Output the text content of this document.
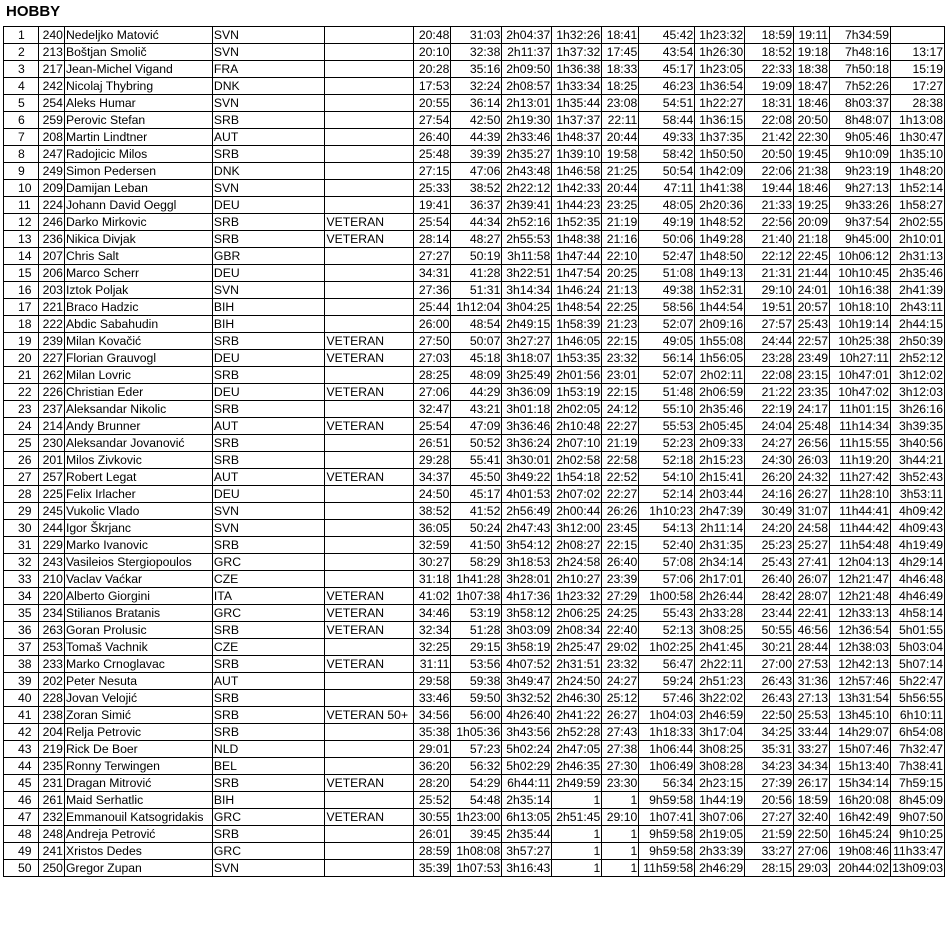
HOBBY
1	240	Nedeljko Matović	SVN		20:48	31:03	2h04:37	1h32:26	18:41	45:42	1h23:32	18:59	19:11	7h34:59	
2	213	Boštjan Smolič	SVN		20:10	32:38	2h11:37	1h37:32	17:45	43:54	1h26:30	18:52	19:18	7h48:16	13:17
3	217	Jean-Michel Vigand	FRA		20:28	35:16	2h09:50	1h36:38	18:33	45:17	1h23:05	22:33	18:38	7h50:18	15:19
4	242	Nicolaj Thybring	DNK		17:53	32:24	2h08:57	1h33:34	18:25	46:23	1h36:54	19:09	18:47	7h52:26	17:27
5	254	Aleks Humar	SVN		20:55	36:14	2h13:01	1h35:44	23:08	54:51	1h22:27	18:31	18:46	8h03:37	28:38
6	259	Perovic Stefan	SRB		27:54	42:50	2h19:30	1h37:37	22:11	58:44	1h36:15	22:08	20:50	8h48:07	1h13:08
7	208	Martin Lindtner	AUT		26:40	44:39	2h33:46	1h48:37	20:44	49:33	1h37:35	21:42	22:30	9h05:46	1h30:47
8	247	Radojicic Milos	SRB		25:48	39:39	2h35:27	1h39:10	19:58	58:42	1h50:50	20:50	19:45	9h10:09	1h35:10
9	249	Simon Pedersen	DNK		27:15	47:06	2h43:48	1h46:58	21:25	50:54	1h42:09	22:06	21:38	9h23:19	1h48:20
10	209	Damijan Leban	SVN		25:33	38:52	2h22:12	1h42:33	20:44	47:11	1h41:38	19:44	18:46	9h27:13	1h52:14
11	224	Johann David Oeggl	DEU		19:41	36:37	2h39:41	1h44:23	23:25	48:05	2h20:36	21:33	19:25	9h33:26	1h58:27
12	246	Darko Mirkovic	SRB	VETERAN	25:54	44:34	2h52:16	1h52:35	21:19	49:19	1h48:52	22:56	20:09	9h37:54	2h02:55
13	236	Nikica Divjak	SRB	VETERAN	28:14	48:27	2h55:53	1h48:38	21:16	50:06	1h49:28	21:40	21:18	9h45:00	2h10:01
14	207	Chris Salt	GBR		27:27	50:19	3h11:58	1h47:44	22:10	52:47	1h48:50	22:12	22:45	10h06:12	2h31:13
15	206	Marco Scherr	DEU		34:31	41:28	3h22:51	1h47:54	20:25	51:08	1h49:13	21:31	21:44	10h10:45	2h35:46
16	203	Iztok Poljak	SVN		27:36	51:31	3h14:34	1h46:24	21:13	49:38	1h52:31	29:10	24:01	10h16:38	2h41:39
17	221	Braco Hadzic	BIH		25:44	1h12:04	3h04:25	1h48:54	22:25	58:56	1h44:54	19:51	20:57	10h18:10	2h43:11
18	222	Abdic Sabahudin	BIH		26:00	48:54	2h49:15	1h58:39	21:23	52:07	2h09:16	27:57	25:43	10h19:14	2h44:15
19	239	Milan Kovačić	SRB	VETERAN	27:50	50:07	3h27:27	1h46:05	22:15	49:05	1h55:08	24:44	22:57	10h25:38	2h50:39
20	227	Florian Grauvogl	DEU	VETERAN	27:03	45:18	3h18:07	1h53:35	23:32	56:14	1h56:05	23:28	23:49	10h27:11	2h52:12
21	262	Milan Lovric	SRB		28:25	48:09	3h25:49	2h01:56	23:01	52:07	2h02:11	22:08	23:15	10h47:01	3h12:02
22	226	Christian Eder	DEU	VETERAN	27:06	44:29	3h36:09	1h53:19	22:15	51:48	2h06:59	21:22	23:35	10h47:02	3h12:03
23	237	Aleksandar Nikolic	SRB		32:47	43:21	3h01:18	2h02:05	24:12	55:10	2h35:46	22:19	24:17	11h01:15	3h26:16
24	214	Andy Brunner	AUT	VETERAN	25:54	47:09	3h36:46	2h10:48	22:27	55:53	2h05:45	24:04	25:48	11h14:34	3h39:35
25	230	Aleksandar Jovanović	SRB		26:51	50:52	3h36:24	2h07:10	21:19	52:23	2h09:33	24:27	26:56	11h15:55	3h40:56
26	201	Milos Zivkovic	SRB		29:28	55:41	3h30:01	2h02:58	22:58	52:18	2h15:23	24:30	26:03	11h19:20	3h44:21
27	257	Robert Legat	AUT	VETERAN	34:37	45:50	3h49:22	1h54:18	22:52	54:10	2h15:41	26:20	24:32	11h27:42	3h52:43
28	225	Felix Irlacher	DEU		24:50	45:17	4h01:53	2h07:02	22:27	52:14	2h03:44	24:16	26:27	11h28:10	3h53:11
29	245	Vukolic Vlado	SVN		38:52	41:52	2h56:49	2h00:44	26:26	1h10:23	2h47:39	30:49	31:07	11h44:41	4h09:42
30	244	Igor Škrjanc	SVN		36:05	50:24	2h47:43	3h12:00	23:45	54:13	2h11:14	24:20	24:58	11h44:42	4h09:43
31	229	Marko Ivanovic	SRB		32:59	41:50	3h54:12	2h08:27	22:15	52:40	2h31:35	25:23	25:27	11h54:48	4h19:49
32	243	Vasileios Stergiopoulos	GRC		30:27	58:29	3h18:53	2h24:58	26:40	57:08	2h34:14	25:43	27:41	12h04:13	4h29:14
33	210	Vaclav Vaćkar	CZE		31:18	1h41:28	3h28:01	2h10:27	23:39	57:06	2h17:01	26:40	26:07	12h21:47	4h46:48
34	220	Alberto Giorgini	ITA	VETERAN	41:02	1h07:38	4h17:36	1h23:32	27:29	1h00:58	2h26:44	28:42	28:07	12h21:48	4h46:49
35	234	Stilianos Bratanis	GRC	VETERAN	34:46	53:19	3h58:12	2h06:25	24:25	55:43	2h33:28	23:44	22:41	12h33:13	4h58:14
36	263	Goran Prolusic	SRB	VETERAN	32:34	51:28	3h03:09	2h08:34	22:40	52:13	3h08:25	50:55	46:56	12h36:54	5h01:55
37	253	Tomaš Vachnik	CZE		32:25	29:15	3h58:19	2h25:47	29:02	1h02:25	2h41:45	30:21	28:44	12h38:03	5h03:04
38	233	Marko Crnoglavac	SRB	VETERAN	31:11	53:56	4h07:52	2h31:51	23:32	56:47	2h22:11	27:00	27:53	12h42:13	5h07:14
39	202	Peter Nesuta	AUT		29:58	59:38	3h49:47	2h24:50	24:27	59:24	2h51:23	26:43	31:36	12h57:46	5h22:47
40	228	Jovan Velojić	SRB		33:46	59:50	3h32:52	2h46:30	25:12	57:46	3h22:02	26:43	27:13	13h31:54	5h56:55
41	238	Zoran Simić	SRB	VETERAN 50+	34:56	56:00	4h26:40	2h41:22	26:27	1h04:03	2h46:59	22:50	25:53	13h45:10	6h10:11
42	204	Relja Petrovic	SRB		35:38	1h05:36	3h43:56	2h52:28	27:43	1h18:33	3h17:04	34:25	33:44	14h29:07	6h54:08
43	219	Rick De Boer	NLD		29:01	57:23	5h02:24	2h47:05	27:38	1h06:44	3h08:25	35:31	33:27	15h07:46	7h32:47
44	235	Ronny Terwingen	BEL		36:20	56:32	5h02:29	2h46:35	27:30	1h06:49	3h08:28	34:23	34:34	15h13:40	7h38:41
45	231	Dragan Mitrović	SRB	VETERAN	28:20	54:29	6h44:11	2h49:59	23:30	56:34	2h23:15	27:39	26:17	15h34:14	7h59:15
46	261	Maid Serhatlic	BIH		25:52	54:48	2h35:14	1	1	9h59:58	1h44:19	20:56	18:59	16h20:08	8h45:09
47	232	Emmanouil Katsogridakis	GRC	VETERAN	30:55	1h23:00	6h13:05	2h51:45	29:10	1h07:41	3h07:06	27:27	32:40	16h42:49	9h07:50
48	248	Andreja Petrović	SRB		26:01	39:45	2h35:44	1	1	9h59:58	2h19:05	21:59	22:50	16h45:24	9h10:25
49	241	Xristos Dedes	GRC		28:59	1h08:08	3h57:27	1	1	9h59:58	2h33:39	33:27	27:06	19h08:46	11h33:47
50	250	Gregor Zupan	SVN		35:39	1h07:53	3h16:43	1	1	11h59:58	2h46:29	28:15	29:03	20h44:02	13h09:03
